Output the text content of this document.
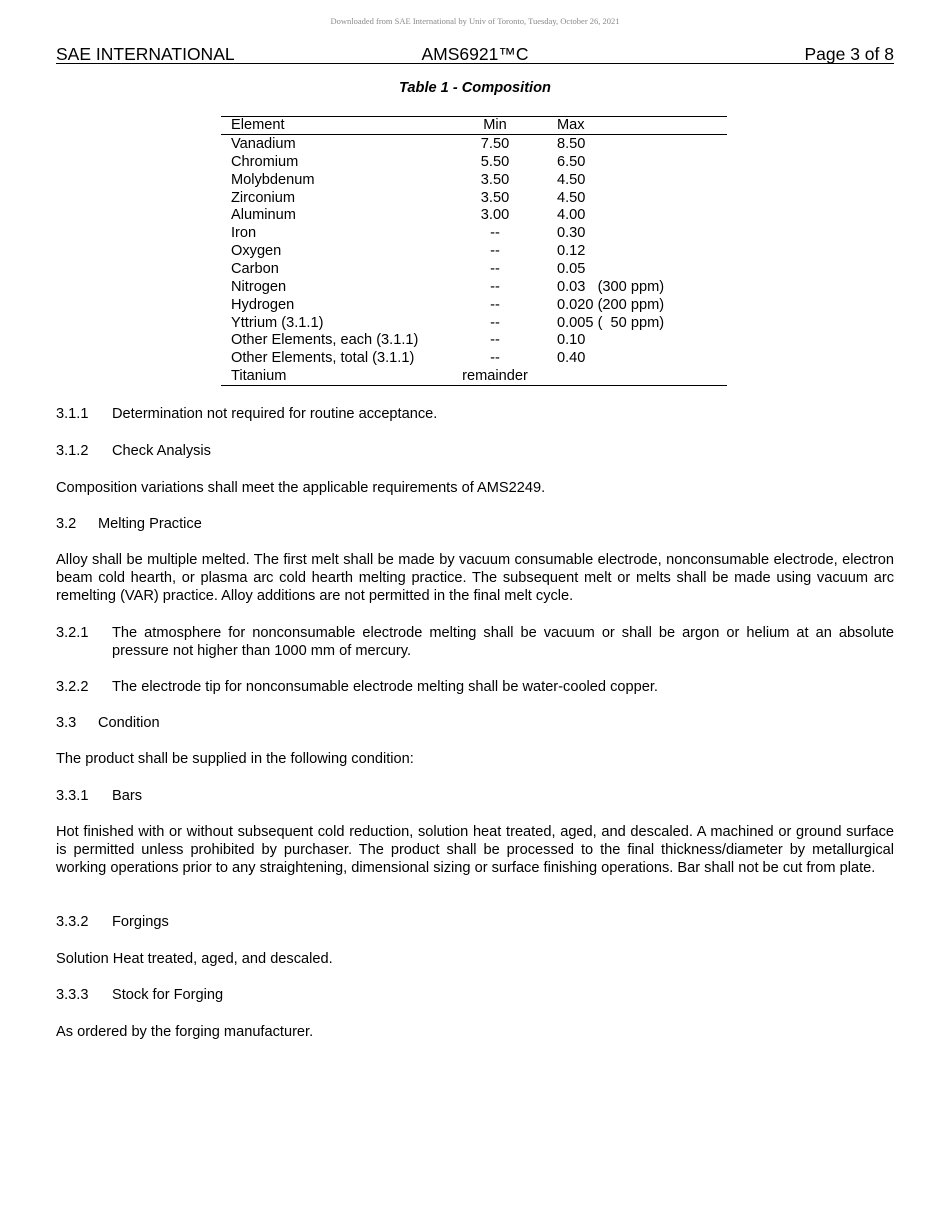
Downloaded from SAE International by Univ of Toronto, Tuesday, October 26, 2021
SAE INTERNATIONAL	AMS6921™C	Page 3 of 8
Table 1 - Composition
Element	Min	Max
Vanadium	7.50	8.50
Chromium	5.50	6.50
Molybdenum	3.50	4.50
Zirconium	3.50	4.50
Aluminum	3.00	4.00
Iron	--	0.30
Oxygen	--	0.12
Carbon	--	0.05
Nitrogen	--	0.03   (300 ppm)
Hydrogen	--	0.020 (200 ppm)
Yttrium (3.1.1)	--	0.005 (  50 ppm)
Other Elements, each (3.1.1)	--	0.10
Other Elements, total (3.1.1)	--	0.40
Titanium	remainder
3.1.1 Determination not required for routine acceptance.
3.1.2 Check Analysis
Composition variations shall meet the applicable requirements of AMS2249.
3.2 Melting Practice
Alloy shall be multiple melted. The first melt shall be made by vacuum consumable electrode, nonconsumable electrode, electron beam cold hearth, or plasma arc cold hearth melting practice. The subsequent melt or melts shall be made using vacuum arc remelting (VAR) practice. Alloy additions are not permitted in the final melt cycle.
3.2.1 The atmosphere for nonconsumable electrode melting shall be vacuum or shall be argon or helium at an absolute pressure not higher than 1000 mm of mercury.
3.2.2 The electrode tip for nonconsumable electrode melting shall be water-cooled copper.
3.3 Condition
The product shall be supplied in the following condition:
3.3.1 Bars
Hot finished with or without subsequent cold reduction, solution heat treated, aged, and descaled. A machined or ground surface is permitted unless prohibited by purchaser. The product shall be processed to the final thickness/diameter by metallurgical working operations prior to any straightening, dimensional sizing or surface finishing operations. Bar shall not be cut from plate.
3.3.2 Forgings
Solution Heat treated, aged, and descaled.
3.3.3 Stock for Forging
As ordered by the forging manufacturer.
